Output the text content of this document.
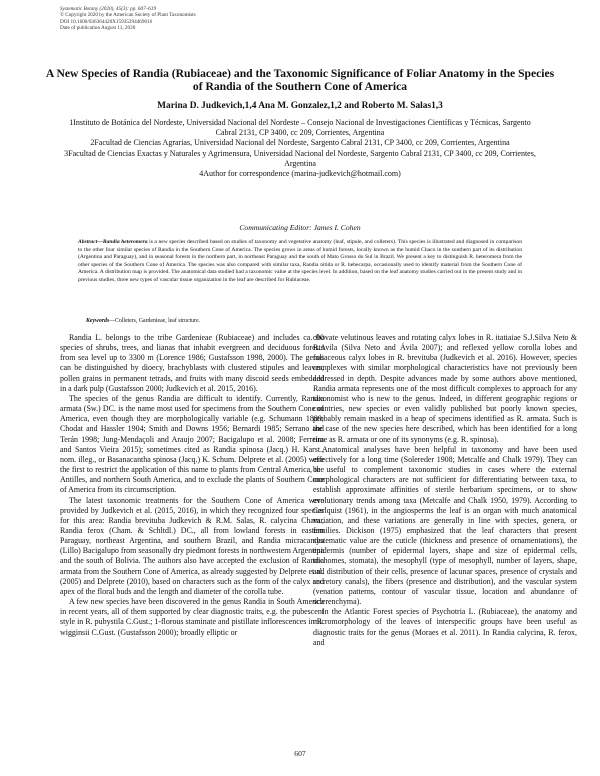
Systematic Botany (2020), 45(3): pp. 607–619
© Copyright 2020 by the American Society of Plant Taxonomists
DOI 10.1600/036364420X15935294469016
Date of publication August 11, 2020
A New Species of Randia (Rubiaceae) and the Taxonomic Significance of Foliar Anatomy in the Species of Randia of the Southern Cone of America
Marina D. Judkevich,1,4 Ana M. Gonzalez,1,2 and Roberto M. Salas1,3

1Instituto de Botánica del Nordeste, Universidad Nacional del Nordeste – Consejo Nacional de Investigaciones Científicas y Técnicas, Sargento Cabral 2131, CP 3400, cc 209, Corrientes, Argentina

2Facultad de Ciencias Agrarias, Universidad Nacional del Nordeste, Sargento Cabral 2131, CP 3400, cc 209, Corrientes, Argentina

3Facultad de Ciencias Exactas y Naturales y Agrimensura, Universidad Nacional del Nordeste, Sargento Cabral 2131, CP 3400, cc 209, Corrientes, Argentina

4Author for correspondence (marina-judkevich@hotmail.com)

Communicating Editor: James I. Cohen
Abstract—Randia heteromera is a new species described based on studies of taxonomy and vegetative anatomy (leaf, stipule, and colleters). This species is illustrated and diagnosed in comparison to the other four similar species of Randia in the Southern Cone of America. The species grows in areas of humid forests, locally known as the humid Chaco in the southern part of its distribution (Argentina and Paraguay), and in seasonal forests in the northern part, in northeast Paraguay and the south of Mato Grosso do Sul in Brazil. We present a key to distinguish R. heteromera from the other species of the Southern Cone of America. The species was also compared with similar taxa, Randia nitida or R. hebecarpa, occasionally used to identify material from the Southern Cone of America. A distribution map is provided. The anatomical data studied had a taxonomic value at the species level. In addition, based on the leaf anatomy studies carried out in the present study and in previous studies, three new types of vascular tissue organization in the leaf are described for Rubiaceae.
Keywords—Colleters, Gardenieae, leaf structure.

Randia L. belongs to the tribe Gardenieae (Rubiaceae) and includes ca. 90 species of shrubs, trees, and lianas that inhabit evergreen and deciduous forests from sea level up to 3300 m (Lorence 1986; Gustafsson 1998, 2000). The genus can be distinguished by dioecy, brachyblasts with clustered stipules and leaves, pollen grains in permanent tetrads, and fruits with many discoid seeds embedded in a dark pulp (Gustafsson 2000; Judkevich et al. 2015, 2016).

The species of the genus Randia are difficult to identify. Currently, Randia armata (Sw.) DC. is the name most used for specimens from the Southern Cone of America, even though they are morphologically variable (e.g. Schumann 1889; Chodat and Hassler 1904; Smith and Downs 1956; Bernardi 1985; Serrano and Terán 1998; Jung-Mendaçoli and Araujo 2007; Bacigalupo et al. 2008; Ferreira and Santos Vieira 2015); sometimes cited as Randia spinosa (Jacq.) H. Karst., nom. illeg., or Basanacantha spinosa (Jacq.) K. Schum. Delprete et al. (2005) were the first to restrict the application of this name to plants from Central America, the Antilles, and northern South America, and to exclude the plants of Southern Cone of America from its circumscription.

The latest taxonomic treatments for the Southern Cone of America were provided by Judkevich et al. (2015, 2016), in which they recognized four species for this area: Randia brevituba Judkevich & R.M. Salas, R. calycina Cham., Randia ferox (Cham. & Schltdl.) DC., all from lowland forests in eastern Paraguay, northeast Argentina, and southern Brazil, and Randia micracantha (Lillo) Bacigalupo from seasonally dry piedmont forests in northwestern Argentina and the south of Bolivia. The authors also have accepted the exclusion of Randia armata from the Southern Cone of America, as already suggested by Delprete et al. (2005) and Delprete (2010), based on characters such as the form of the calyx and apex of the floral buds and the length and diameter of the corolla tube.

A few new species have been discovered in the genus Randia in South America in recent years, all of them supported by clear diagnostic traits, e.g. the pubescent style in R. pubystila C.Gust.; 1-florous staminate and pistillate inflorescences in R. wigginsii C.Gust. (Gustafsson 2000); broadly elliptic or

obovate velutinous leaves and rotating calyx lobes in R. itatiaiae S.J.Silva Neto & R.Avila (Silva Neto and Ávila 2007); and reflexed yellow corolla lobes and foliaceous calyx lobes in R. brevituba (Judkevich et al. 2016). However, species complexes with similar morphological characteristics have not previously been addressed in depth. Despite advances made by some authors above mentioned, Randia armata represents one of the most difficult complexes to approach for any taxonomist who is new to the genus. Indeed, in different geographic regions or countries, new species or even validly published but poorly known species, probably remain masked in a heap of specimens identified as R. armata. Such is the case of the new species here described, which has been identified for a long time as R. armata or one of its synonyms (e.g. R. spinosa).

Anatomical analyses have been helpful in taxonomy and have been used effectively for a long time (Solereder 1908; Metcalfe and Chalk 1979). They can be useful to complement taxonomic studies in cases where the external morphological characters are not sufficient for differentiating between taxa, to establish approximate affinities of sterile herbarium specimens, or to show evolutionary trends among taxa (Metcalfe and Chalk 1950, 1979). According to Carlquist (1961), in the angiosperms the leaf is an organ with much anatomical variation, and these variations are generally in line with species, genera, or families. Dickison (1975) emphasized that the leaf characters that present systematic value are the cuticle (thickness and presence of ornamentations), the epidermis (number of epidermal layers, shape and size of epidermal cells, trichomes, stomata), the mesophyll (type of mesophyll, number of layers, shape, and distribution of their cells, presence of lacunar spaces, presence of crystals and secretory canals), the fibers (presence and distribution), and the vascular system (venation patterns, contour of vascular tissue, location and abundance of sclerenchyma).

In the Atlantic Forest species of Psychotria L. (Rubiaceae), the anatomy and micromorphology of the leaves of interspecific groups have been useful as diagnostic traits for the genus (Moraes et al. 2011). In Randia calycina, R. ferox, and

607
